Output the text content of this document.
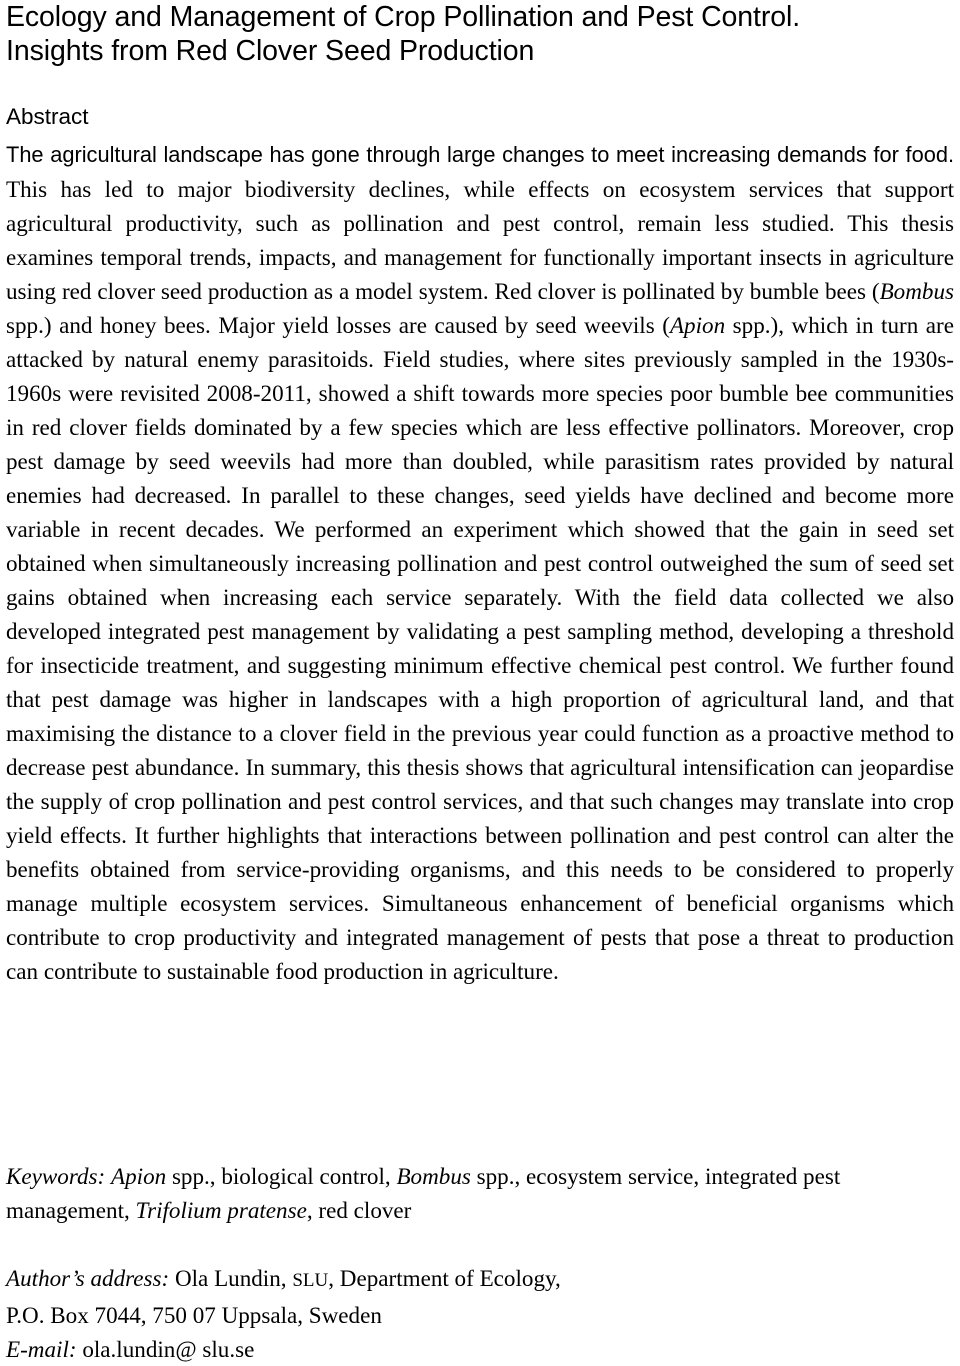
Ecology and Management of Crop Pollination and Pest Control.
Insights from Red Clover Seed Production
Abstract

The agricultural landscape has gone through large changes to meet increasing demands for food. This has led to major biodiversity declines, while effects on ecosystem services that support agricultural productivity, such as pollination and pest control, remain less studied. This thesis examines temporal trends, impacts, and management for functionally important insects in agriculture using red clover seed production as a model system. Red clover is pollinated by bumble bees (Bombus spp.) and honey bees. Major yield losses are caused by seed weevils (Apion spp.), which in turn are attacked by natural enemy parasitoids. Field studies, where sites previously sampled in the 1930s-1960s were revisited 2008-2011, showed a shift towards more species poor bumble bee communities in red clover fields dominated by a few species which are less effective pollinators. Moreover, crop pest damage by seed weevils had more than doubled, while parasitism rates provided by natural enemies had decreased. In parallel to these changes, seed yields have declined and become more variable in recent decades. We performed an experiment which showed that the gain in seed set obtained when simultaneously increasing pollination and pest control outweighed the sum of seed set gains obtained when increasing each service separately. With the field data collected we also developed integrated pest management by validating a pest sampling method, developing a threshold for insecticide treatment, and suggesting minimum effective chemical pest control. We further found that pest damage was higher in landscapes with a high proportion of agricultural land, and that maximising the distance to a clover field in the previous year could function as a proactive method to decrease pest abundance. In summary, this thesis shows that agricultural intensification can jeopardise the supply of crop pollination and pest control services, and that such changes may translate into crop yield effects. It further highlights that interactions between pollination and pest control can alter the benefits obtained from service-providing organisms, and this needs to be considered to properly manage multiple ecosystem services. Simultaneous enhancement of beneficial organisms which contribute to crop productivity and integrated management of pests that pose a threat to production can contribute to sustainable food production in agriculture.

Keywords: Apion spp., biological control, Bombus spp., ecosystem service, integrated pest management, Trifolium pratense, red clover

Author’s address: Ola Lundin, SLU, Department of Ecology,
P.O. Box 7044, 750 07 Uppsala, Sweden
E-mail: ola.lundin@ slu.se
